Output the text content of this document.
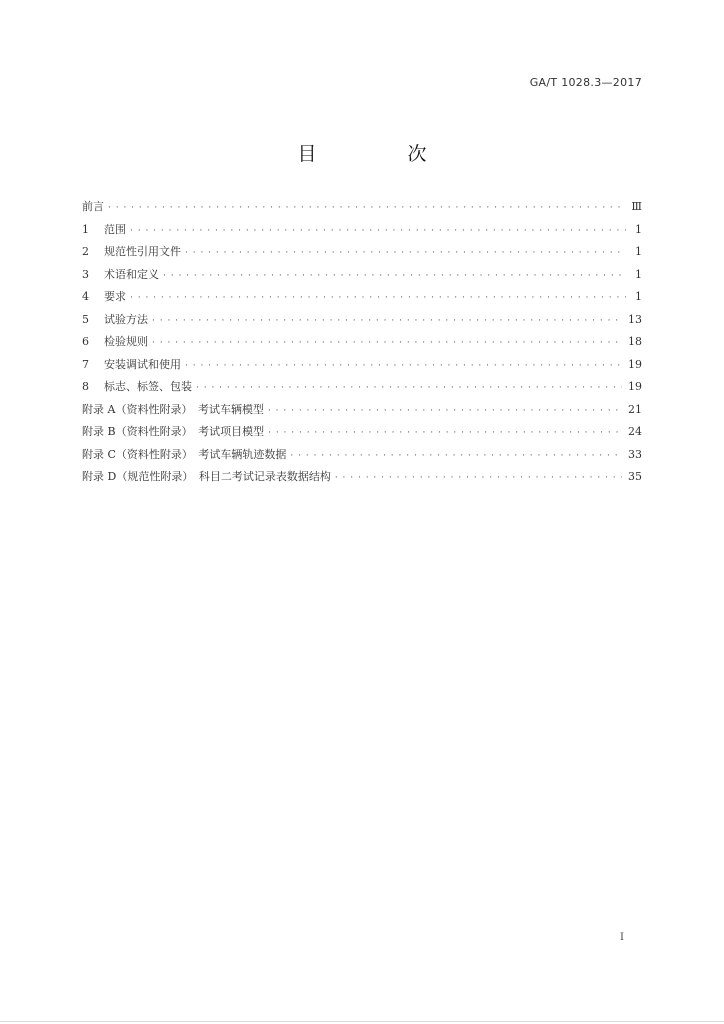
GA/T 1028.3—2017
目　次
前言 · · ·	Ⅲ
1 范围 · · ·	1
2 规范性引用文件 · · ·	1
3 术语和定义 · · ·	1
4 要求 · · ·	1
5 试验方法 · · ·	13
6 检验规则 · · ·	18
7 安装调试和使用 · · ·	19
8 标志、标签、包装 · · ·	19
附录 A（资料性附录）　考试车辆模型 · · ·	21
附录 B（资料性附录）　考试项目模型 · · ·	24
附录 C（资料性附录）　考试车辆轨迹数据 · · ·	33
附录 D（规范性附录）　科目二考试记录表数据结构 · · ·	35
I
